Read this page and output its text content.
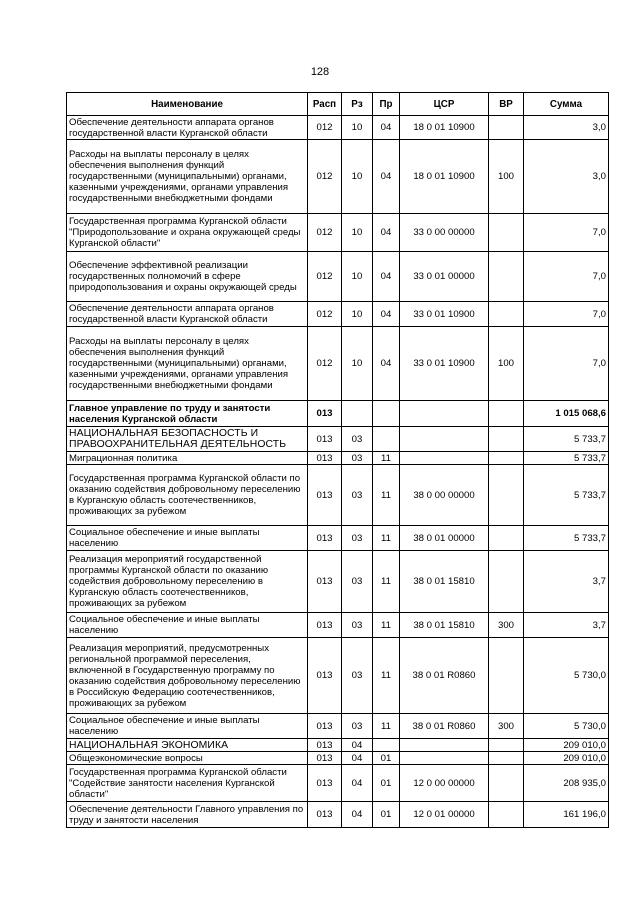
128
Наименование	Расп	Рз	Пр	ЦСР	ВР	Сумма
Обеспечение деятельности аппарата органов государственной власти Курганской области	012	10	04	18 0 01 10900		3,0
Расходы на выплаты персоналу в целях обеспечения выполнения функций государственными (муниципальными) органами, казенными учреждениями, органами управления государственными внебюджетными фондами	012	10	04	18 0 01 10900	100	3,0
Государственная программа Курганской области "Природопользование и охрана окружающей среды Курганской области"	012	10	04	33 0 00 00000		7,0
Обеспечение эффективной реализации государственных полномочий в сфере природопользования и охраны окружающей среды	012	10	04	33 0 01 00000		7,0
Обеспечение деятельности аппарата органов государственной власти Курганской области	012	10	04	33 0 01 10900		7,0
Расходы на выплаты персоналу в целях обеспечения выполнения функций государственными (муниципальными) органами, казенными учреждениями, органами управления государственными внебюджетными фондами	012	10	04	33 0 01 10900	100	7,0
Главное управление по труду и занятости населения Курганской области	013					1 015 068,6
НАЦИОНАЛЬНАЯ БЕЗОПАСНОСТЬ И ПРАВООХРАНИТЕЛЬНАЯ ДЕЯТЕЛЬНОСТЬ	013	03				5 733,7
Миграционная политика	013	03	11			5 733,7
Государственная программа Курганской области по оказанию содействия добровольному переселению в Курганскую область соотечественников, проживающих за рубежом	013	03	11	38 0 00 00000		5 733,7
Социальное обеспечение и иные выплаты населению	013	03	11	38 0 01 00000		5 733,7
Реализация мероприятий государственной программы Курганской области по оказанию содействия добровольному переселению в Курганскую область соотечественников, проживающих за рубежом	013	03	11	38 0 01 15810		3,7
Социальное обеспечение и иные выплаты населению	013	03	11	38 0 01 15810	300	3,7
Реализация мероприятий, предусмотренных региональной программой переселения, включенной в Государственную программу по оказанию содействия добровольному переселению в Российскую Федерацию соотечественников, проживающих за рубежом	013	03	11	38 0 01 R0860		5 730,0
Социальное обеспечение и иные выплаты населению	013	03	11	38 0 01 R0860	300	5 730,0
НАЦИОНАЛЬНАЯ ЭКОНОМИКА	013	04				209 010,0
Общеэкономические вопросы	013	04	01			209 010,0
Государственная программа Курганской области "Содействие занятости населения Курганской области"	013	04	01	12 0 00 00000		208 935,0
Обеспечение деятельности Главного управления по труду и занятости населения	013	04	01	12 0 01 00000		161 196,0
